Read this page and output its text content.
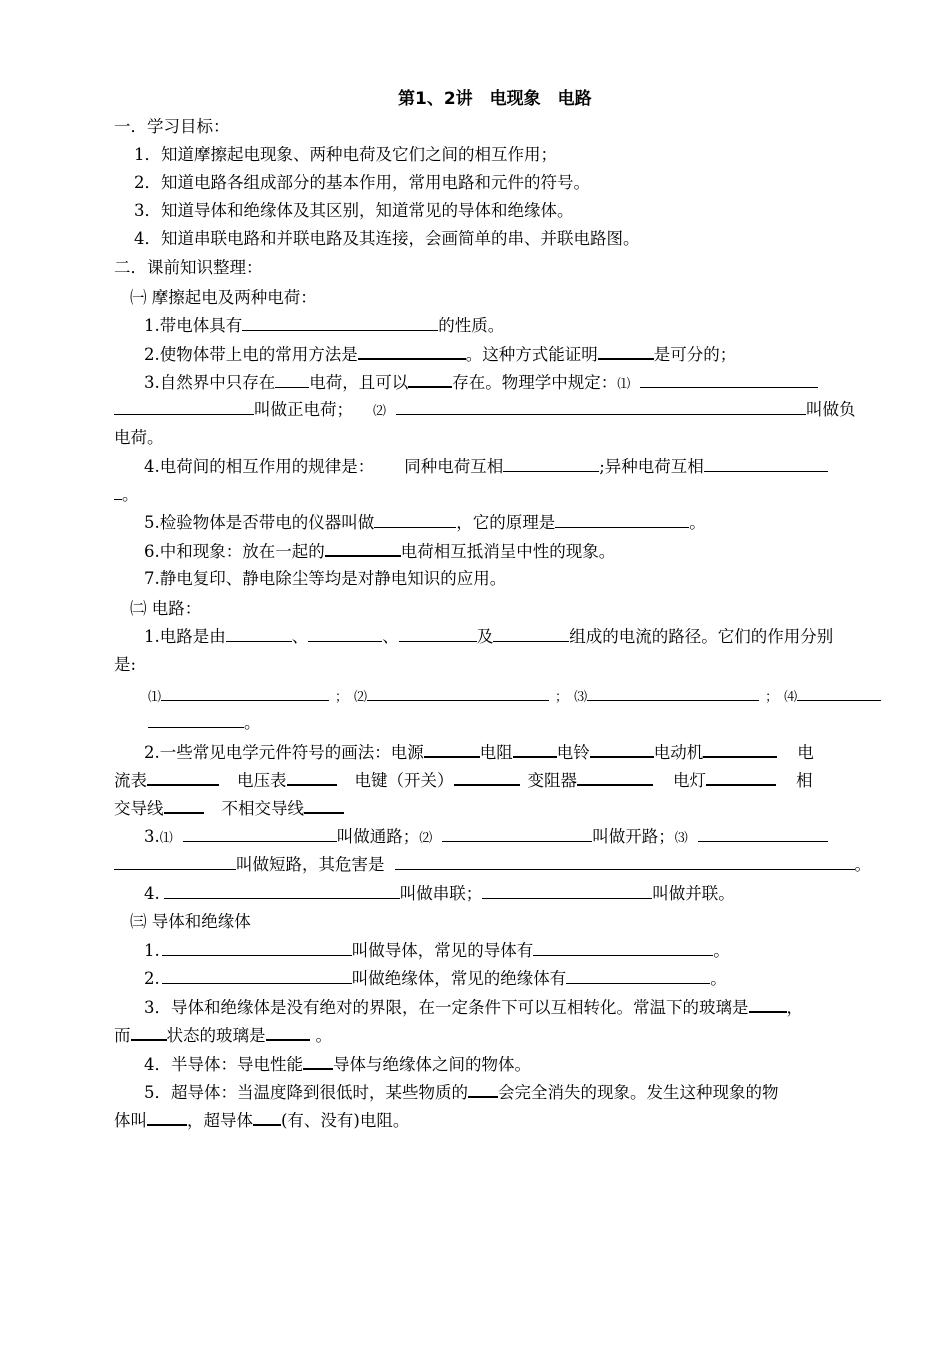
第1、2讲　电现象　电路
一．学习目标：
1．知道摩擦起电现象、两种电荷及它们之间的相互作用；
2．知道电路各组成部分的基本作用，常用电路和元件的符号。
3．知道导体和绝缘体及其区别，知道常见的导体和绝缘体。
4．知道串联电路和并联电路及其连接，会画简单的串、并联电路图。
二．课前知识整理：
㈠ 摩擦起电及两种电荷：
1.带电体具有	的性质。
2.使物体带上电的常用方法是	。这种方式能证明	是可分的；
3.自然界中只存在 电荷，且可以	存在。物理学中规定：⑴
叫做正电荷； ⑵	叫做负
电荷。
4.电荷间的相互作用的规律是： 同种电荷互相	;异种电荷互相
。
5.检验物体是否带电的仪器叫做	，它的原理是	。
6.中和现象：放在一起的	电荷相互抵消呈中性的现象。
7.静电复印、静电除尘等均是对静电知识的应用。
㈡ 电路：
1.电路是由	、	、	及	组成的电流的路径。它们的作用分别
是:
⑴	； ⑵	； ⑶	； ⑷
。
2.一些常见电学元件符号的画法：电源	电阻	电铃	电动机	电
流表	电压表	电键（开关）	变阻器	电灯	相
交导线	不相交导线
3.⑴	叫做通路；⑵	叫做开路；⑶
叫做短路，其危害是	。
4.	叫做串联；	叫做并联。
㈢ 导体和绝缘体
1.	叫做导体，常见的导体有	。
2.	叫做绝缘体，常见的绝缘体有	。
3．导体和绝缘体是没有绝对的界限，在一定条件下可以互相转化。常温下的玻璃是 ，
而 状态的玻璃是	。
4．半导体：导电性能 导体与绝缘体之间的物体。
5．超导体：当温度降到很低时，某些物质的 会完全消失的现象。发生这种现象的物
体叫 ，超导体 (有、没有)电阻。
